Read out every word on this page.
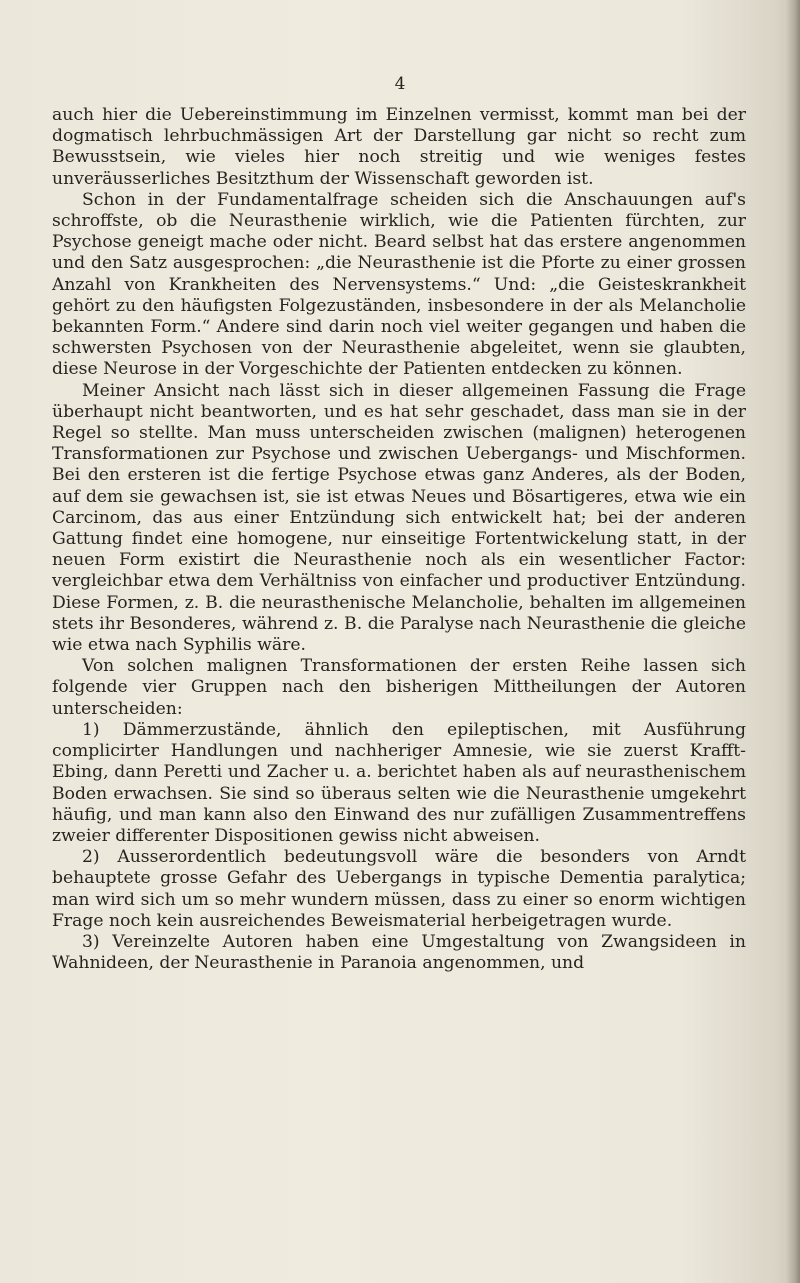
4

auch hier die Uebereinstimmung im Einzelnen vermisst, kommt man bei der dogmatisch lehrbuchmässigen Art der Darstellung gar nicht so recht zum Bewusstsein, wie vieles hier noch streitig und wie weniges festes unveräusserliches Besitzthum der Wissenschaft geworden ist.

Schon in der Fundamentalfrage scheiden sich die Anschauungen auf's schroffste, ob die Neurasthenie wirklich, wie die Patienten fürchten, zur Psychose geneigt mache oder nicht. Beard selbst hat das erstere angenommen und den Satz ausgesprochen: „die Neurasthenie ist die Pforte zu einer grossen Anzahl von Krankheiten des Nervensystems.“ Und: „die Geisteskrankheit gehört zu den häufigsten Folgezuständen, insbesondere in der als Melancholie bekannten Form.“ Andere sind darin noch viel weiter gegangen und haben die schwersten Psychosen von der Neurasthenie abgeleitet, wenn sie glaubten, diese Neurose in der Vorgeschichte der Patienten entdecken zu können.

Meiner Ansicht nach lässt sich in dieser allgemeinen Fassung die Frage überhaupt nicht beantworten, und es hat sehr geschadet, dass man sie in der Regel so stellte. Man muss unterscheiden zwischen (malignen) heterogenen Transformationen zur Psychose und zwischen Uebergangs- und Mischformen. Bei den ersteren ist die fertige Psychose etwas ganz Anderes, als der Boden, auf dem sie gewachsen ist, sie ist etwas Neues und Bösartigeres, etwa wie ein Carcinom, das aus einer Entzündung sich entwickelt hat; bei der anderen Gattung findet eine homogene, nur einseitige Fortentwickelung statt, in der neuen Form existirt die Neurasthenie noch als ein wesentlicher Factor: vergleichbar etwa dem Verhältniss von einfacher und productiver Entzündung. Diese Formen, z. B. die neurasthenische Melancholie, behalten im allgemeinen stets ihr Besonderes, während z. B. die Paralyse nach Neurasthenie die gleiche wie etwa nach Syphilis wäre.

Von solchen malignen Transformationen der ersten Reihe lassen sich folgende vier Gruppen nach den bisherigen Mittheilungen der Autoren unterscheiden:

1) Dämmerzustände, ähnlich den epileptischen, mit Ausführung complicirter Handlungen und nachheriger Amnesie, wie sie zuerst Krafft-Ebing, dann Peretti und Zacher u. a. berichtet haben als auf neurasthenischem Boden erwachsen. Sie sind so überaus selten wie die Neurasthenie umgekehrt häufig, und man kann also den Einwand des nur zufälligen Zusammentreffens zweier differenter Dispositionen gewiss nicht abweisen.

2) Ausserordentlich bedeutungsvoll wäre die besonders von Arndt behauptete grosse Gefahr des Uebergangs in typische Dementia paralytica; man wird sich um so mehr wundern müssen, dass zu einer so enorm wichtigen Frage noch kein ausreichendes Beweismaterial herbeigetragen wurde.

3) Vereinzelte Autoren haben eine Umgestaltung von Zwangsideen in Wahnideen, der Neurasthenie in Paranoia angenommen, und
